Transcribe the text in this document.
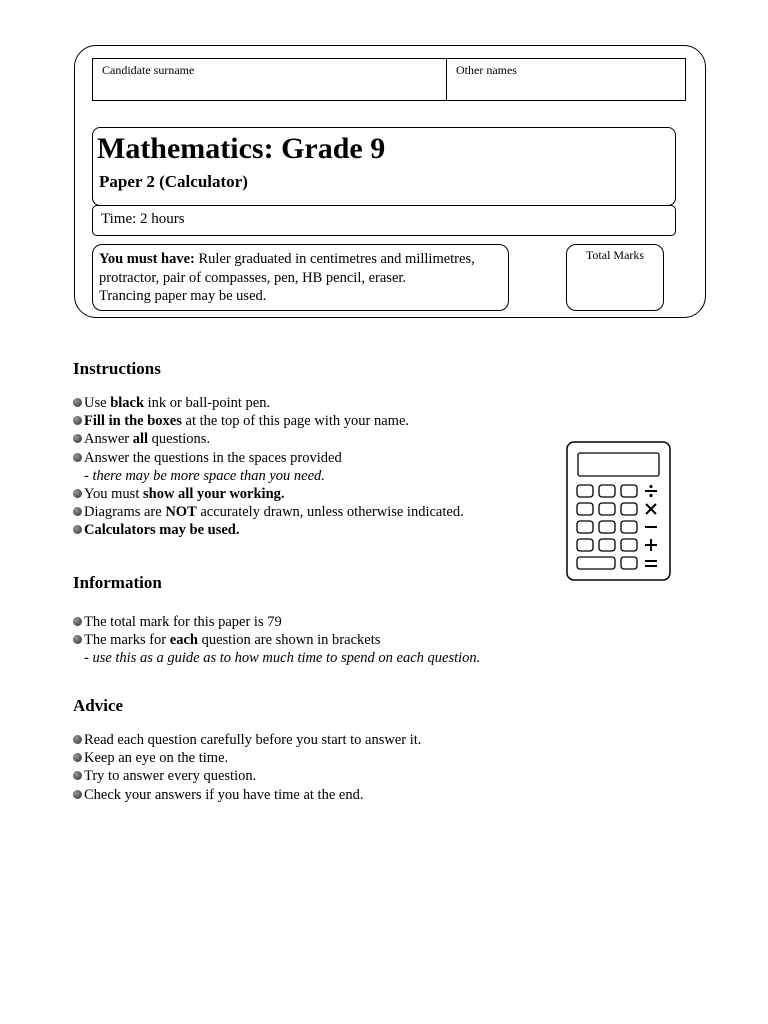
Candidate surname	Other names
Mathematics: Grade 9
Paper 2 (Calculator)
Time: 2 hours
You must have: Ruler graduated in centimetres and millimetres, protractor, pair of compasses, pen, HB pencil, eraser.
Trancing paper may be used.
Total Marks
Instructions
Use black ink or ball-point pen.
Fill in the boxes at the top of this page with your name.
Answer all questions.
Answer the questions in the spaces provided
- there may be more space than you need.
You must show all your working.
Diagrams are NOT accurately drawn, unless otherwise indicated.
Calculators may be used.
Information
The total mark for this paper is 79
The marks for each question are shown in brackets
- use this as a guide as to how much time to spend on each question.
Advice
Read each question carefully before you start to answer it.
Keep an eye on the time.
Try to answer every question.
Check your answers if you have time at the end.
